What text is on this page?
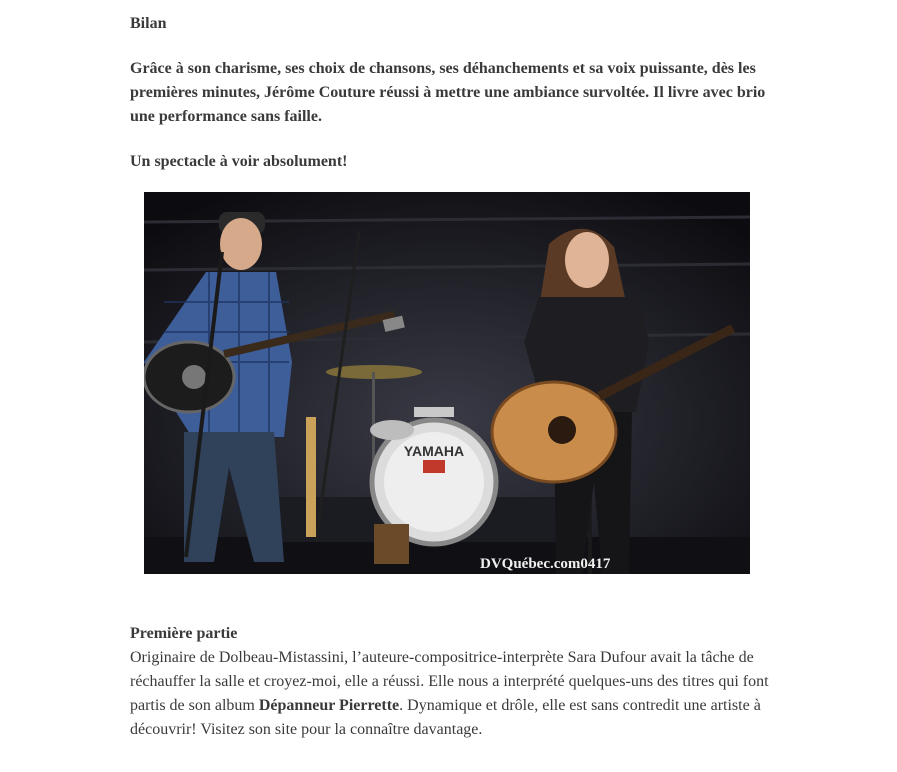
Bilan

Grâce à son charisme, ses choix de chansons, ses déhanchements et sa voix puissante, dès les premières minutes, Jérôme Couture réussi à mettre une ambiance survoltée. Il livre avec brio une performance sans faille.

Un spectacle à voir absolument!

YAMAHA
DVQuébec.com0417

Première partie

Originaire de Dolbeau-Mistassini, l’auteure-compositrice-interprète Sara Dufour avait la tâche de réchauffer la salle et croyez-moi, elle a réussi. Elle nous a interprété quelques-uns des titres qui font partis de son album Dépanneur Pierrette. Dynamique et drôle, elle est sans contredit une artiste à découvrir! Visitez son site pour la connaître davantage.
